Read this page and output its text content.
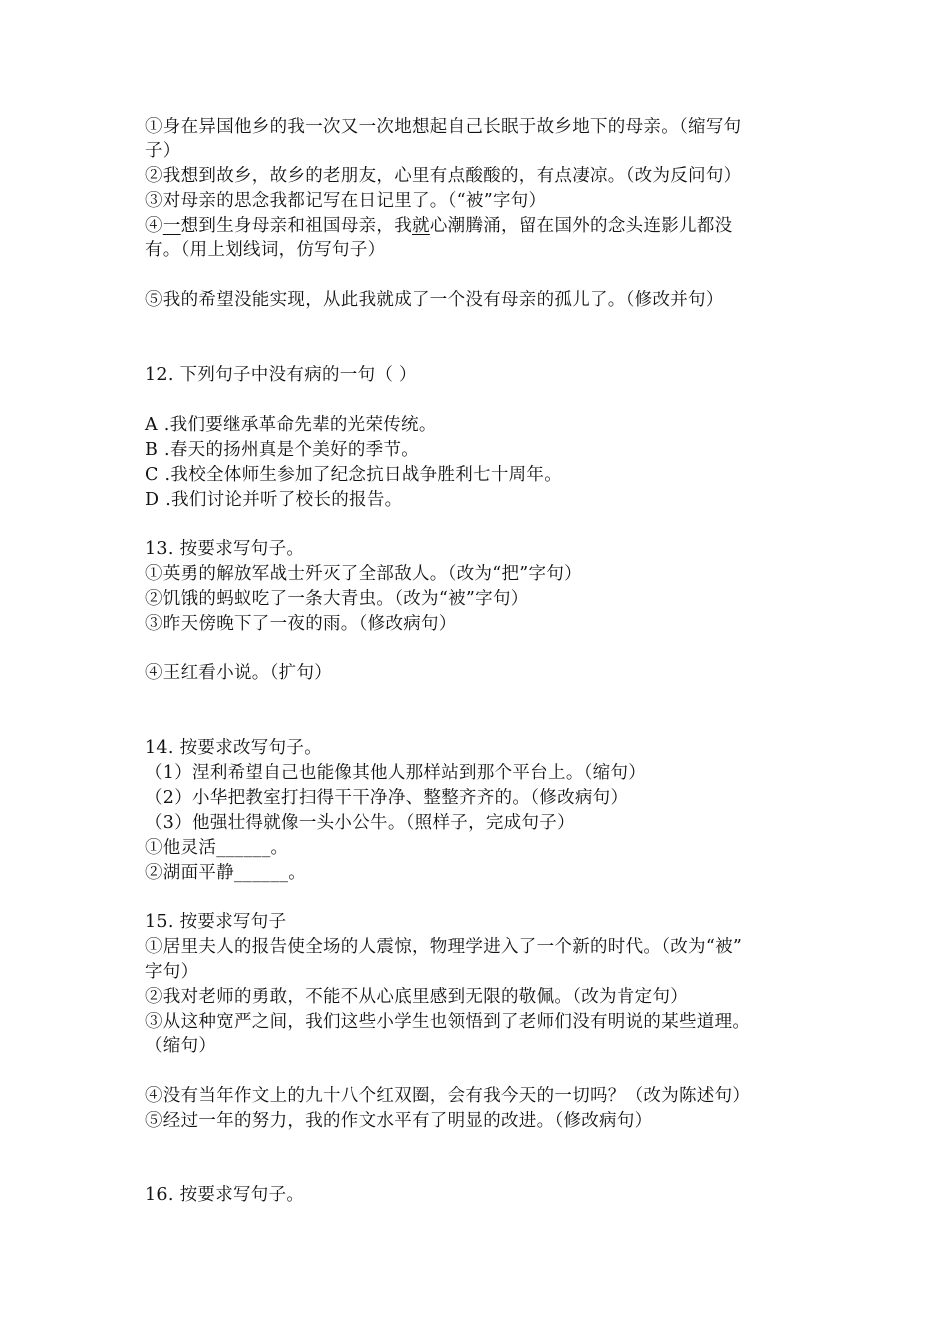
①身在异国他乡的我一次又一次地想起自己长眠于故乡地下的母亲。（缩写句
子）
②我想到故乡，故乡的老朋友，心里有点酸酸的，有点凄凉。（改为反问句）
③对母亲的思念我都记写在日记里了。（“被”字句）
④一想到生身母亲和祖国母亲，我就心潮腾涌，留在国外的念头连影儿都没
有。（用上划线词，仿写句子）
⑤我的希望没能实现，从此我就成了一个没有母亲的孤儿了。（修改并句）
12. 下列句子中没有病的一句（ ）
A .我们要继承革命先辈的光荣传统。
B .春天的扬州真是个美好的季节。
C .我校全体师生参加了纪念抗日战争胜利七十周年。
D .我们讨论并听了校长的报告。
13. 按要求写句子。
①英勇的解放军战士歼灭了全部敌人。（改为“把”字句）
②饥饿的蚂蚁吃了一条大青虫。（改为“被”字句）
③昨天傍晚下了一夜的雨。（修改病句）
④王红看小说。（扩句）
14. 按要求改写句子。
（1）涅利希望自己也能像其他人那样站到那个平台上。（缩句）
（2）小华把教室打扫得干干净净、整整齐齐的。（修改病句）
（3）他强壮得就像一头小公牛。（照样子，完成句子）
①他灵活______。
②湖面平静______。
15. 按要求写句子
①居里夫人的报告使全场的人震惊，物理学进入了一个新的时代。（改为“被”
字句）
②我对老师的勇敢，不能不从心底里感到无限的敬佩。（改为肯定句）
③从这种宽严之间，我们这些小学生也领悟到了老师们没有明说的某些道理。
（缩句）
④没有当年作文上的九十八个红双圈，会有我今天的一切吗？（改为陈述句）
⑤经过一年的努力，我的作文水平有了明显的改进。（修改病句）
16. 按要求写句子。
